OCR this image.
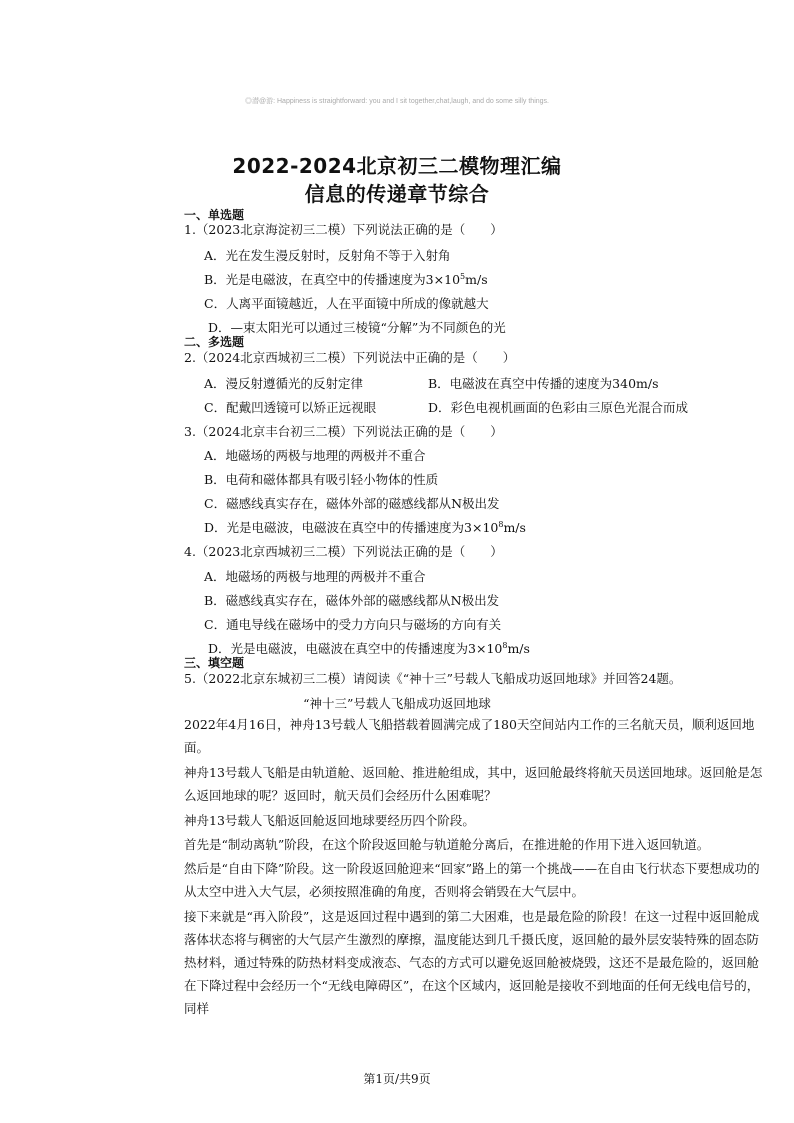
◎潜@游: Happiness is straightforward: you and I sit together,chat,laugh, and do some silly things.
2022-2024北京初三二模物理汇编
信息的传递章节综合
一、单选题
1.（2023北京海淀初三二模）下列说法正确的是（　　）
A．光在发生漫反射时，反射角不等于入射角
B．光是电磁波，在真空中的传播速度为$3\times 10^5m/s$
C．人离平面镜越近，人在平面镜中所成的像就越大
D．—束太阳光可以通过三棱镜“分解”为不同颜色的光
二、多选题
2.（2024北京西城初三二模）下列说法中正确的是（　　）
A．漫反射遵循光的反射定律	B．电磁波在真空中传播的速度为340m/s
C．配戴凹透镜可以矫正远视眼	D．彩色电视机画面的色彩由三原色光混合而成
3.（2024北京丰台初三二模）下列说法正确的是（　　）
A．地磁场的两极与地理的两极并不重合
B．电荷和磁体都具有吸引轻小物体的性质
C．磁感线真实存在，磁体外部的磁感线都从N极出发
D．光是电磁波，电磁波在真空中的传播速度为$3\times 10^8m/s$
4.（2023北京西城初三二模）下列说法正确的是（　　）
A．地磁场的两极与地理的两极并不重合
B．磁感线真实存在，磁体外部的磁感线都从N极出发
C．通电导线在磁场中的受力方向只与磁场的方向有关
D．光是电磁波，电磁波在真空中的传播速度为$3\times 10^8m/s$
三、填空题
5.（2022北京东城初三二模）请阅读《“神十三”号载人飞船成功返回地球》并回答24题。
“神十三”号载人飞船成功返回地球
2022年4月16日，神舟13号载人飞船搭载着圆满完成了180天空间站内工作的三名航天员，顺利返回地面。
神舟13号载人飞船是由轨道舱、返回舱、推进舱组成，其中，返回舱最终将航天员送回地球。返回舱是怎么返回地球的呢？返回时，航天员们会经历什么困难呢？
神舟13号载人飞船返回舱返回地球要经历四个阶段。
首先是“制动离轨”阶段，在这个阶段返回舱与轨道舱分离后，在推进舱的作用下进入返回轨道。
然后是“自由下降”阶段。这一阶段返回舱迎来“回家”路上的第一个挑战——在自由飞行状态下要想成功的从太空中进入大气层，必须按照准确的角度，否则将会销毁在大气层中。
接下来就是“再入阶段”，这是返回过程中遇到的第二大困难，也是最危险的阶段！在这一过程中返回舱成落体状态将与稠密的大气层产生激烈的摩擦，温度能达到几千摄氏度，返回舱的最外层安装特殊的固态防热材料，通过特殊的防热材料变成液态、气态的方式可以避免返回舱被烧毁，这还不是最危险的，返回舱在下降过程中会经历一个“无线电障碍区”，在这个区域内，返回舱是接收不到地面的任何无线电信号的，同样
第1页/共9页
